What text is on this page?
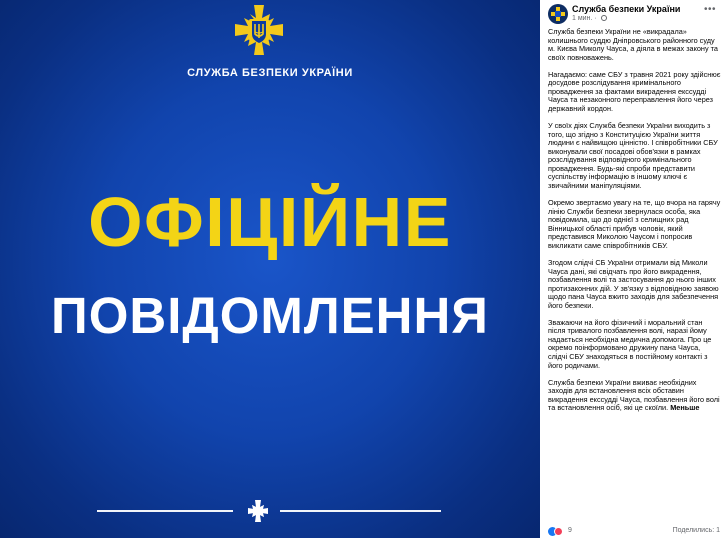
СЛУЖБА БЕЗПЕКИ УКРАЇНИ
ОФІЦІЙНЕ
ПОВІДОМЛЕННЯ
Служба безпеки України
1 мин. ·
•••

Служба безпеки України не «викрадала» колишнього суддю Дніпровського районного суду м. Києва Миколу Чауса, а діяла в межах закону та своїх повноважень.

Нагадаємо: саме СБУ з травня 2021 року здійснює досудове розслідування кримінального провадження за фактами викрадення екссудді Чауса та незаконного переправлення його через державний кордон.

У своїх діях Служба безпеки України виходить з того, що згідно з Конституцією України життя людини є найвищою цінністю. І співробітники СБУ виконували свої посадові обов'язки в рамках розслідування відповідного кримінального провадження. Будь-які спроби представити суспільству інформацію в іншому ключі є звичайними маніпуляціями.

Окремо звертаємо увагу на те, що вчора на гарячу лінію Служби безпеки звернулася особа, яка повідомила, що до однієї з селищних рад Вінницької області прибув чоловік, який представився Миколою Чаусом і попросив викликати саме співробітників СБУ.

Згодом слідчі СБ України отримали від Миколи Чауса дані, які свідчать про його викрадення, позбавлення волі та застосування до нього інших протизаконних дій. У зв'язку з відповідною заявою щодо пана Чауса вжито заходів для забезпечення його безпеки.

Зважаючи на його фізичний і моральний стан після тривалого позбавлення волі, наразі йому надається необхідна медична допомога. Про це окремо поінформовано дружину пана Чауса, слідчі СБУ знаходяться в постійному контакті з його родичами.

Служба безпеки України вживає необхідних заходів для встановлення всіх обставин викрадення екссудді Чауса, позбавлення його волі та встановлення осіб, які це скоїли. Меньше

9	Поделились: 1
